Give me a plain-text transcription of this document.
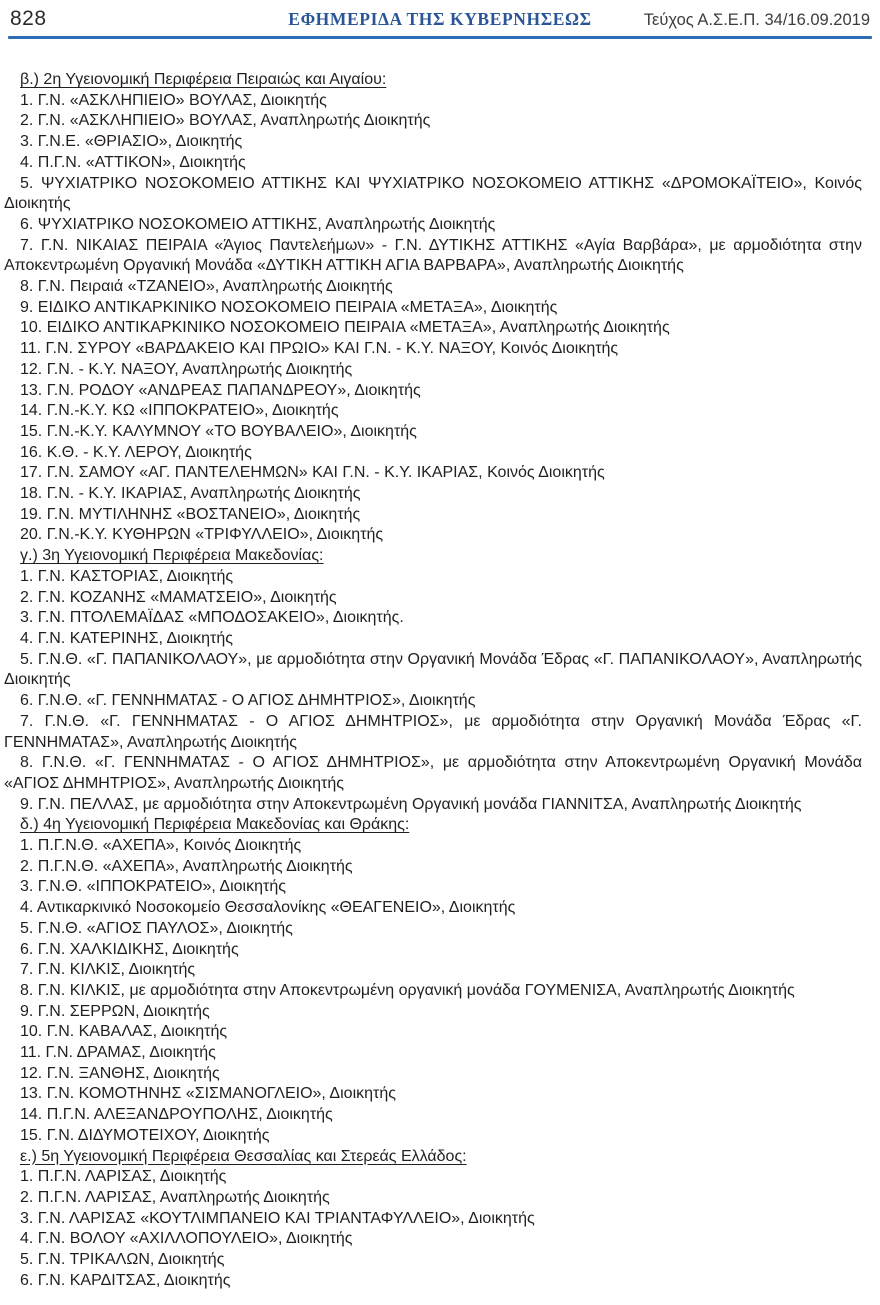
828	ΕΦΗΜΕΡΙΔΑ ΤΗΣ ΚΥΒΕΡΝΗΣΕΩΣ	Τεύχος Α.Σ.Ε.Π. 34/16.09.2019

β.) 2η Υγειονομική Περιφέρεια Πειραιώς και Αιγαίου:

1. Γ.Ν. «ΑΣΚΛΗΠΙΕΙΟ» ΒΟΥΛΑΣ, Διοικητής

2. Γ.Ν. «ΑΣΚΛΗΠΙΕΙΟ» ΒΟΥΛΑΣ, Αναπληρωτής Διοικητής

3. Γ.Ν.Ε. «ΘΡΙΑΣΙΟ», Διοικητής

4. Π.Γ.Ν. «ΑΤΤΙΚΟΝ», Διοικητής

5. ΨΥΧΙΑΤΡΙΚΟ ΝΟΣΟΚΟΜΕΙΟ ΑΤΤΙΚΗΣ ΚΑΙ ΨΥΧΙΑΤΡΙΚΟ ΝΟΣΟΚΟΜΕΙΟ ΑΤΤΙΚΗΣ «ΔΡΟΜΟΚΑΪΤΕΙΟ», Κοινός Διοικητής

6. ΨΥΧΙΑΤΡΙΚΟ ΝΟΣΟΚΟΜΕΙΟ ΑΤΤΙΚΗΣ, Αναπληρωτής Διοικητής

7. Γ.Ν. ΝΙΚΑΙΑΣ ΠΕΙΡΑΙΑ «Άγιος Παντελεήμων» - Γ.Ν. ΔΥΤΙΚΗΣ ΑΤΤΙΚΗΣ «Αγία Βαρβάρα», με αρμοδιότητα στην Αποκεντρωμένη Οργανική Μονάδα «ΔΥΤΙΚΗ ΑΤΤΙΚΗ ΑΓΙΑ ΒΑΡΒΑΡΑ», Αναπληρωτής Διοικητής

8. Γ.Ν. Πειραιά «ΤΖΑΝΕΙΟ», Αναπληρωτής Διοικητής

9. ΕΙΔΙΚΟ ΑΝΤΙΚΑΡΚΙΝΙΚΟ ΝΟΣΟΚΟΜΕΙΟ ΠΕΙΡΑΙΑ «ΜΕΤΑΞΑ», Διοικητής

10. ΕΙΔΙΚΟ ΑΝΤΙΚΑΡΚΙΝΙΚΟ ΝΟΣΟΚΟΜΕΙΟ ΠΕΙΡΑΙΑ «ΜΕΤΑΞΑ», Αναπληρωτής Διοικητής

11. Γ.Ν. ΣΥΡΟΥ «ΒΑΡΔΑΚΕΙΟ ΚΑΙ ΠΡΩΙΟ» ΚΑΙ Γ.Ν. - Κ.Υ. ΝΑΞΟΥ, Κοινός Διοικητής

12. Γ.Ν. - Κ.Υ. ΝΑΞΟΥ, Αναπληρωτής Διοικητής

13. Γ.Ν. ΡΟΔΟΥ «ΑΝΔΡΕΑΣ ΠΑΠΑΝΔΡΕΟΥ», Διοικητής

14. Γ.Ν.-Κ.Υ. ΚΩ «ΙΠΠΟΚΡΑΤΕΙΟ», Διοικητής

15. Γ.Ν.-Κ.Υ. ΚΑΛΥΜΝΟΥ «ΤΟ ΒΟΥΒΑΛΕΙΟ», Διοικητής

16. Κ.Θ. - Κ.Υ. ΛΕΡΟΥ, Διοικητής

17. Γ.Ν. ΣΑΜΟΥ «ΑΓ. ΠΑΝΤΕΛΕΗΜΩΝ» ΚΑΙ Γ.Ν. - Κ.Υ. ΙΚΑΡΙΑΣ, Κοινός Διοικητής

18. Γ.Ν. - Κ.Υ. ΙΚΑΡΙΑΣ, Αναπληρωτής Διοικητής

19. Γ.Ν. ΜΥΤΙΛΗΝΗΣ «ΒΟΣΤΑΝΕΙΟ», Διοικητής

20. Γ.Ν.-Κ.Υ. ΚΥΘΗΡΩΝ «ΤΡΙΦΥΛΛΕΙΟ», Διοικητής

γ.) 3η Υγειονομική Περιφέρεια Μακεδονίας:

1. Γ.Ν. ΚΑΣΤΟΡΙΑΣ, Διοικητής

2. Γ.Ν. ΚΟΖΑΝΗΣ «ΜΑΜΑΤΣΕΙΟ», Διοικητής

3. Γ.Ν. ΠΤΟΛΕΜΑΪΔΑΣ «ΜΠΟΔΟΣΑΚΕΙΟ», Διοικητής.

4. Γ.Ν. ΚΑΤΕΡΙΝΗΣ, Διοικητής

5. Γ.Ν.Θ. «Γ. ΠΑΠΑΝΙΚΟΛΑΟΥ», με αρμοδιότητα στην Οργανική Μονάδα Έδρας «Γ. ΠΑΠΑΝΙΚΟΛΑΟΥ», Αναπληρωτής Διοικητής

6. Γ.Ν.Θ. «Γ. ΓΕΝΝΗΜΑΤΑΣ - Ο ΑΓΙΟΣ ΔΗΜΗΤΡΙΟΣ», Διοικητής

7. Γ.Ν.Θ. «Γ. ΓΕΝΝΗΜΑΤΑΣ - Ο ΑΓΙΟΣ ΔΗΜΗΤΡΙΟΣ», με αρμοδιότητα στην Οργανική Μονάδα Έδρας «Γ. ΓΕΝΝΗΜΑΤΑΣ», Αναπληρωτής Διοικητής

8. Γ.Ν.Θ. «Γ. ΓΕΝΝΗΜΑΤΑΣ - Ο ΑΓΙΟΣ ΔΗΜΗΤΡΙΟΣ», με αρμοδιότητα στην Αποκεντρωμένη Οργανική Μονάδα «ΑΓΙΟΣ ΔΗΜΗΤΡΙΟΣ», Αναπληρωτής Διοικητής

9. Γ.Ν. ΠΕΛΛΑΣ, με αρμοδιότητα στην Αποκεντρωμένη Οργανική μονάδα ΓΙΑΝΝΙΤΣΑ, Αναπληρωτής Διοικητής

δ.) 4η Υγειονομική Περιφέρεια Μακεδονίας και Θράκης:

1. Π.Γ.Ν.Θ. «ΑΧΕΠΑ», Κοινός Διοικητής

2. Π.Γ.Ν.Θ. «ΑΧΕΠΑ», Αναπληρωτής Διοικητής

3. Γ.Ν.Θ. «ΙΠΠΟΚΡΑΤΕΙΟ», Διοικητής

4. Αντικαρκινικό Νοσοκομείο Θεσσαλονίκης «ΘΕΑΓΕΝΕΙΟ», Διοικητής

5. Γ.Ν.Θ. «ΑΓΙΟΣ ΠΑΥΛΟΣ», Διοικητής

6. Γ.Ν. ΧΑΛΚΙΔΙΚΗΣ, Διοικητής

7. Γ.Ν. ΚΙΛΚΙΣ, Διοικητής

8. Γ.Ν. ΚΙΛΚΙΣ, με αρμοδιότητα στην Αποκεντρωμένη οργανική μονάδα ΓΟΥΜΕΝΙΣΑ, Αναπληρωτής Διοικητής

9. Γ.Ν. ΣΕΡΡΩΝ, Διοικητής

10. Γ.Ν. ΚΑΒΑΛΑΣ, Διοικητής

11. Γ.Ν. ΔΡΑΜΑΣ, Διοικητής

12. Γ.Ν. ΞΑΝΘΗΣ, Διοικητής

13. Γ.Ν. ΚΟΜΟΤΗΝΗΣ «ΣΙΣΜΑΝΟΓΛΕΙΟ», Διοικητής

14. Π.Γ.Ν. ΑΛΕΞΑΝΔΡΟΥΠΟΛΗΣ, Διοικητής

15. Γ.Ν. ΔΙΔΥΜΟΤΕΙΧΟΥ, Διοικητής

ε.) 5η Υγειονομική Περιφέρεια Θεσσαλίας και Στερεάς Ελλάδος:

1. Π.Γ.Ν. ΛΑΡΙΣΑΣ, Διοικητής

2. Π.Γ.Ν. ΛΑΡΙΣΑΣ, Αναπληρωτής Διοικητής

3. Γ.Ν. ΛΑΡΙΣΑΣ «ΚΟΥΤΛΙΜΠΑΝΕΙΟ ΚΑΙ ΤΡΙΑΝΤΑΦΥΛΛΕΙΟ», Διοικητής

4. Γ.Ν. ΒΟΛΟΥ «ΑΧΙΛΛΟΠΟΥΛΕΙΟ», Διοικητής

5. Γ.Ν. ΤΡΙΚΑΛΩΝ, Διοικητής

6. Γ.Ν. ΚΑΡΔΙΤΣΑΣ, Διοικητής
